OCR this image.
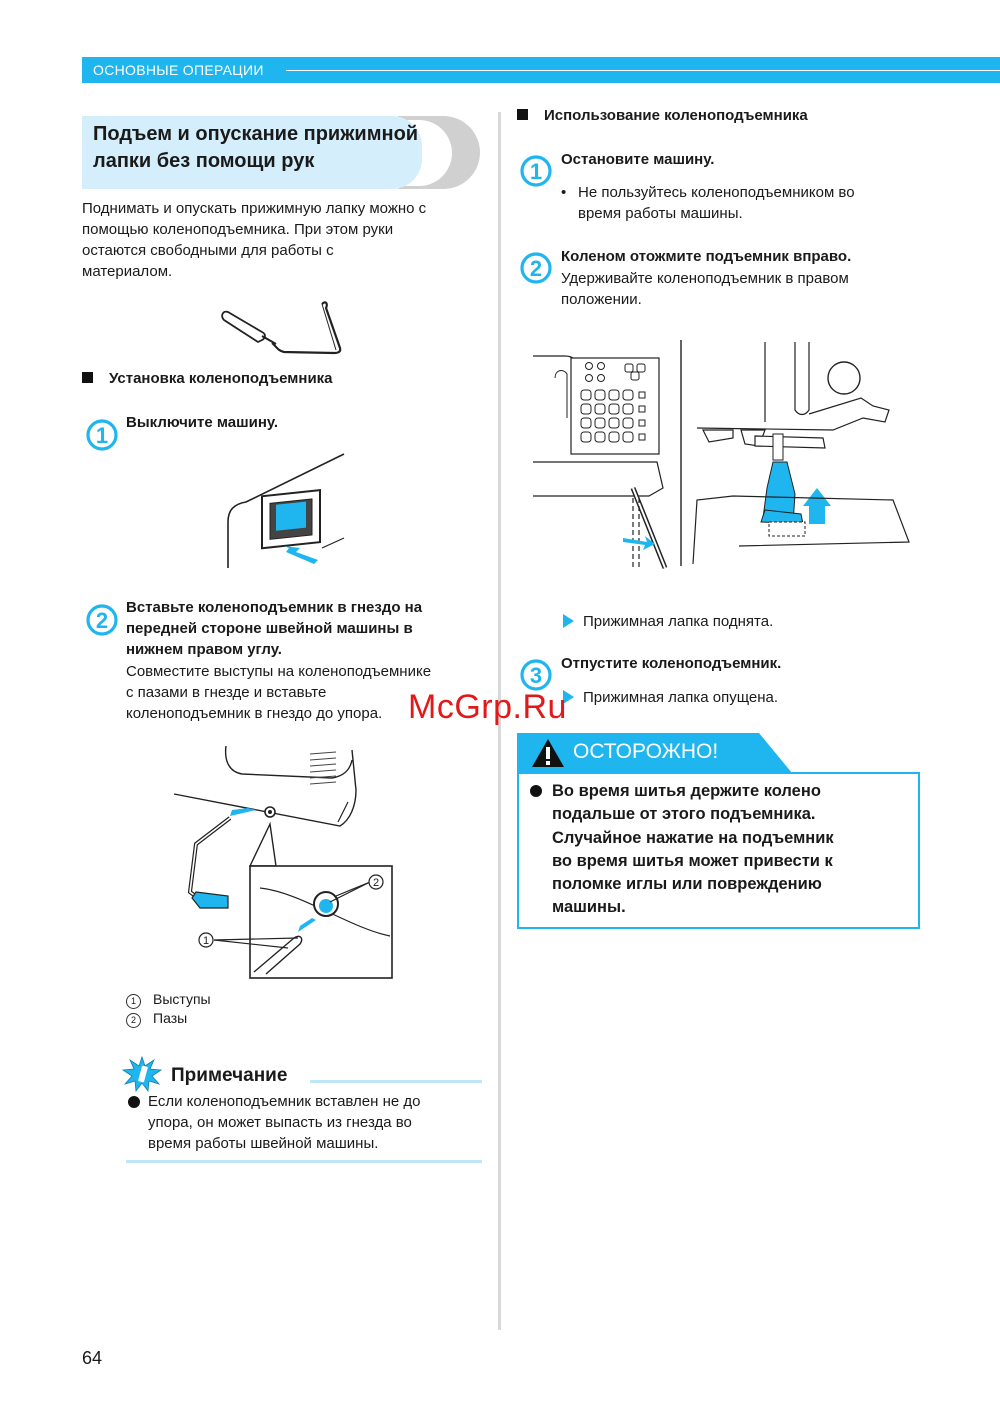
ОСНОВНЫЕ ОПЕРАЦИИ
Подъем и опускание прижимной
лапки без помощи рук
Поднимать и опускать прижимную лапку можно с
помощью коленоподъемника. При этом руки
остаются свободными для работы с
материалом.
Установка коленоподъемника
1
Выключите машину.
2
Вставьте коленоподъемник в гнездо на
передней стороне швейной машины в
нижнем правом углу.
Совместите выступы на коленоподъемнике
с пазами в гнезде и вставьте
коленоподъемник в гнездо до упора.
2
1
1 Выступы
2 Пазы
Примечание
Если коленоподъемник вставлен не до
упора, он может выпасть из гнезда во
время работы швейной машины.
Использование коленоподъемника
1 Остановите машину.
• Не пользуйтесь коленоподъемником во
время работы машины.
2 Коленом отожмите подъемник вправо.
Удерживайте коленоподъемник в правом
положении.
Прижимная лапка поднята.
3 Отпустите коленоподъемник.
Прижимная лапка опущена.
ОСТОРОЖНО!
Во время шитья держите колено
подальше от этого подъемника.
Случайное нажатие на подъемник
во время шитья может привести к
поломке иглы или повреждению
машины.
McGrp.Ru
64
